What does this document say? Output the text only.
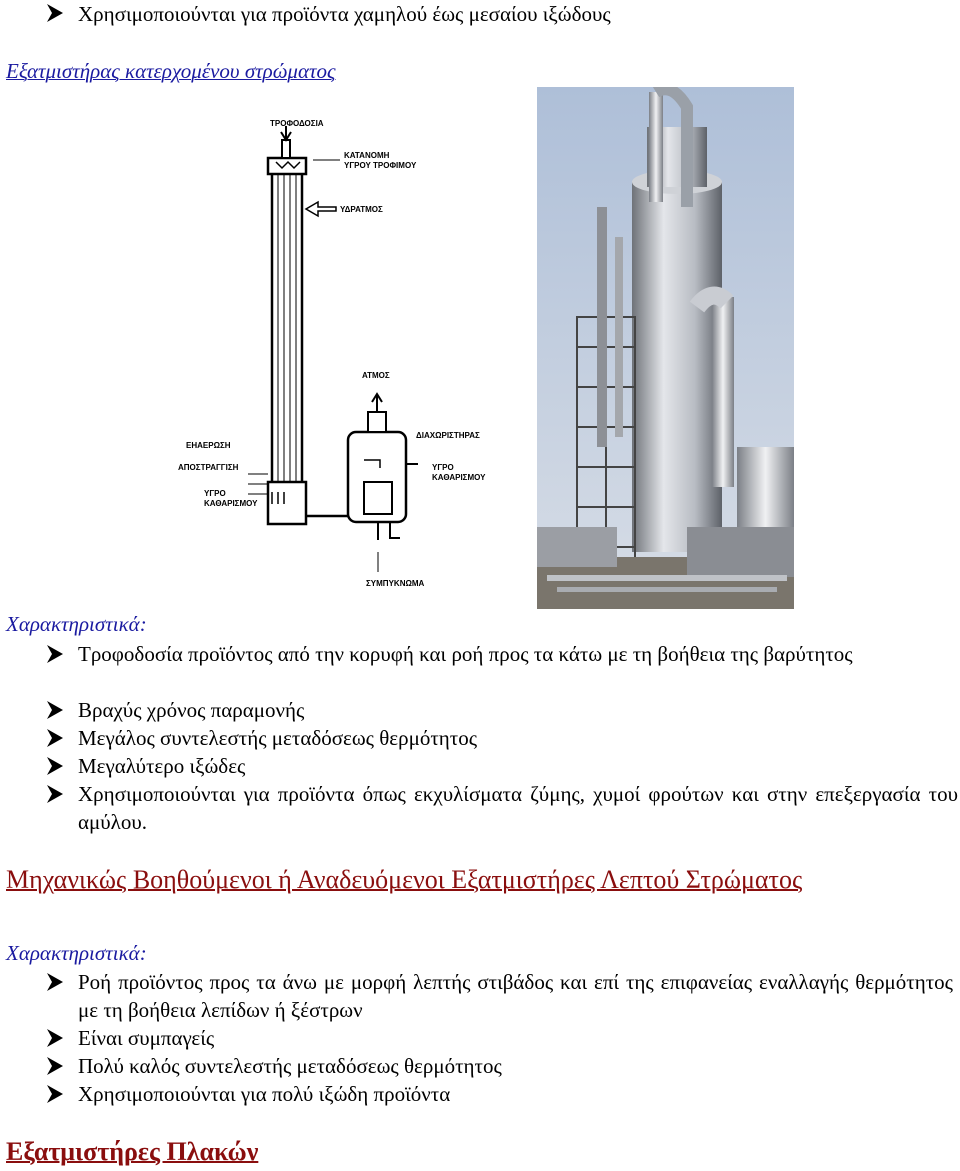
Χρησιμοποιούνται για προϊόντα χαμηλού έως μεσαίου ιξώδους
Εξατμιστήρας κατερχομένου στρώματος
ΤΡΟΦΟΔΟΣΙΑ
ΚΑΤΑΝΟΜΗ
ΥΓΡΟΥ ΤΡΟΦΙΜΟΥ
ΥΔΡΑΤΜΟΣ
ΑΤΜΟΣ
ΔΙΑΧΩΡΙΣΤΗΡΑΣ
ΕΗΑΕΡΩΣΗ
ΑΠΟΣΤΡΑΓΓΙΣΗ
ΥΓΡΟ
ΚΑΘΑΡΙΣΜΟΥ
ΥΓΡΟ
ΚΑΘΑΡΙΣΜΟΥ
ΣΥΜΠΥΚΝΩΜΑ
Χαρακτηριστικά:
Τροφοδοσία προϊόντος από την κορυφή και ροή προς τα κάτω με τη βοήθεια της βαρύτητος
Βραχύς χρόνος παραμονής
Μεγάλος συντελεστής μεταδόσεως θερμότητος
Μεγαλύτερο ιξώδες
Χρησιμοποιούνται για προϊόντα όπως εκχυλίσματα ζύμης, χυμοί φρούτων και στην επεξεργασία του αμύλου.
Μηχανικώς Βοηθούμενοι ή Αναδευόμενοι Εξατμιστήρες Λεπτού Στρώματος
Χαρακτηριστικά:
Ροή προϊόντος προς τα άνω με μορφή λεπτής στιβάδος και επί της επιφανείας εναλλαγής θερμότητος με τη βοήθεια λεπίδων ή ξέστρων
Είναι συμπαγείς
Πολύ καλός συντελεστής μεταδόσεως θερμότητος
Χρησιμοποιούνται για πολύ ιξώδη προϊόντα
Εξατμιστήρες Πλακών
